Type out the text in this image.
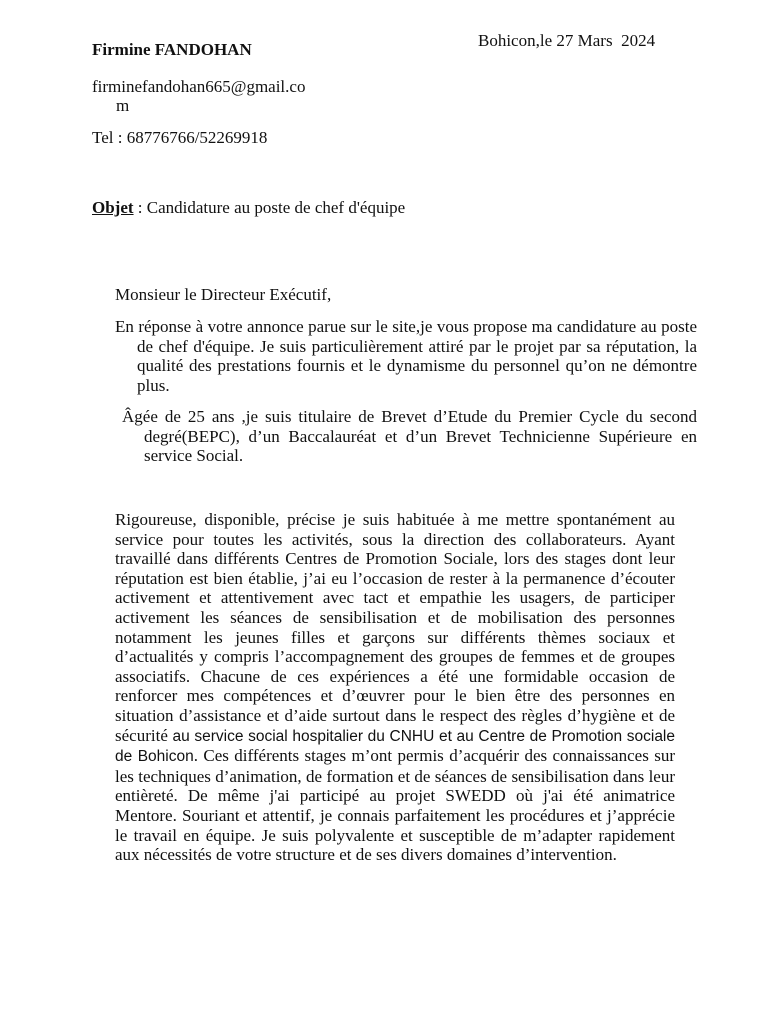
Firmine FANDOHAN	Bohicon,le 27 Mars  2024
firminefandohan665@gmail.co
m
Tel : 68776766/52269918
Objet : Candidature au poste de chef d'équipe
Monsieur le Directeur Exécutif,
En réponse à votre annonce parue sur le site,je vous propose ma candidature au poste de chef d'équipe. Je suis particulièrement attiré par le projet par sa réputation, la qualité des prestations fournis et le dynamisme du personnel qu’on ne démontre plus.
Âgée de 25 ans ,je suis titulaire de Brevet d’Etude du Premier Cycle du second degré(BEPC), d’un Baccalauréat et d’un Brevet Technicienne Supérieure en service Social.
Rigoureuse, disponible, précise je suis habituée à me mettre spontanément au service pour toutes les activités, sous la direction des collaborateurs. Ayant travaillé dans différents Centres de Promotion Sociale, lors des stages dont leur réputation est bien établie, j’ai eu l’occasion de rester à la permanence d’écouter activement et attentivement avec tact et empathie les usagers, de participer activement les séances de sensibilisation et de mobilisation des personnes notamment les jeunes filles et garçons sur différents thèmes sociaux et d’actualités y compris l’accompagnement des groupes de femmes et de groupes associatifs. Chacune de ces expériences a été une formidable occasion de renforcer mes compétences et d’œuvrer pour le bien être des personnes en situation d’assistance et d’aide surtout dans le respect des règles d’hygiène et de sécurité au service social hospitalier du CNHU et au Centre de Promotion sociale de Bohicon. Ces différents stages m’ont permis d’acquérir des connaissances sur les techniques d’animation, de formation et de séances de sensibilisation dans leur entièreté. De même j'ai participé au projet SWEDD où j'ai été animatrice Mentore. Souriant et attentif, je connais parfaitement les procédures et j’apprécie le travail en équipe. Je suis polyvalente et susceptible de m’adapter rapidement aux nécessités de votre structure et de ses divers domaines d’intervention.
